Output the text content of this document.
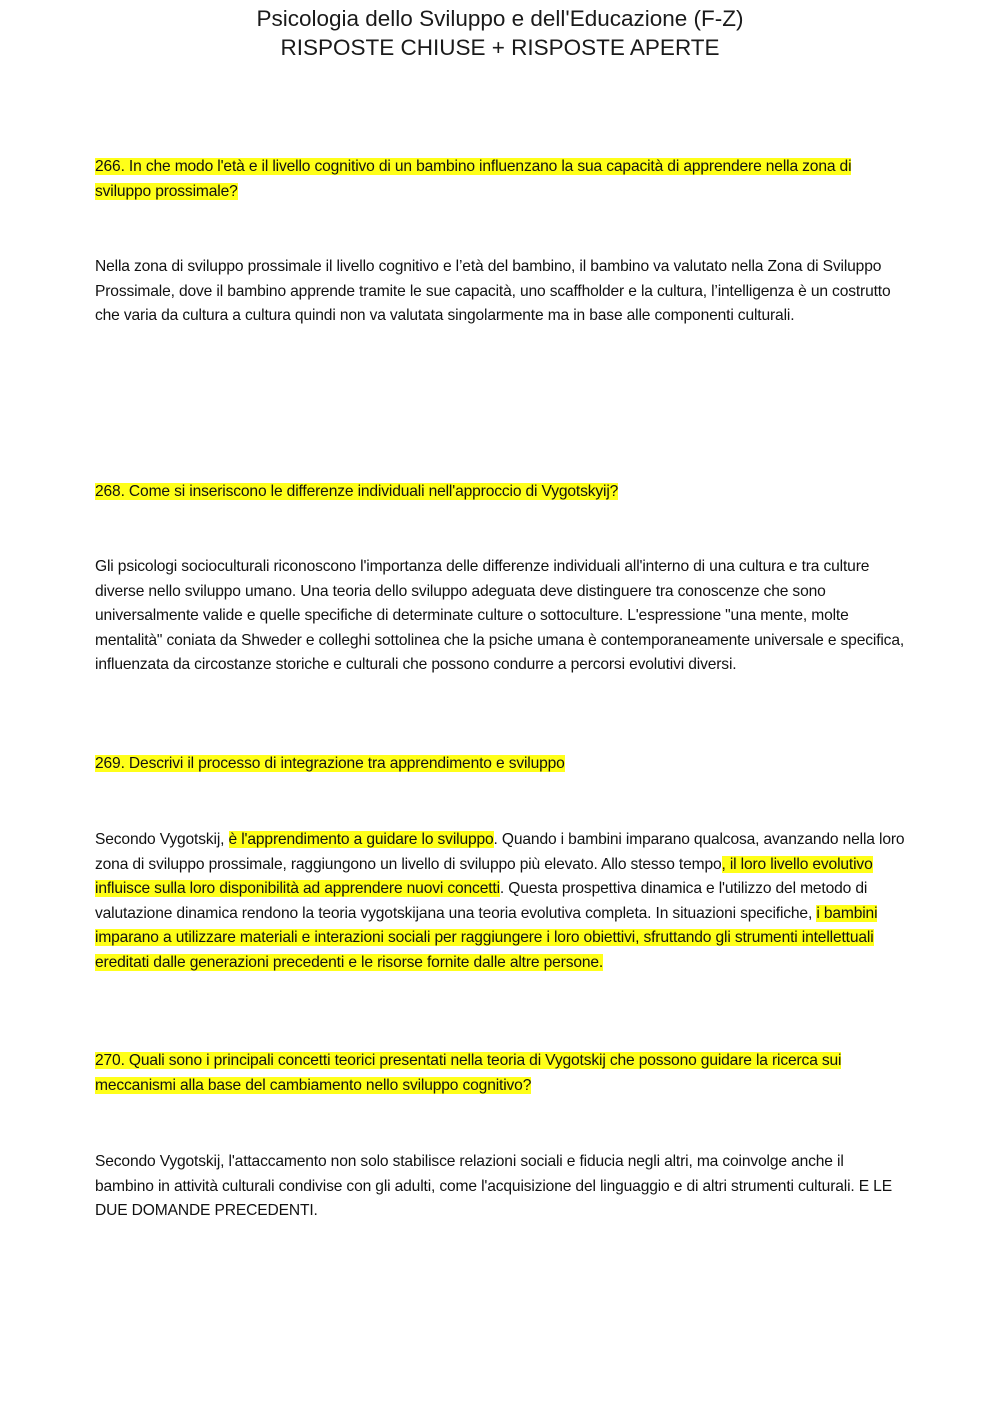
Psicologia dello Sviluppo e dell'Educazione (F-Z)
RISPOSTE CHIUSE + RISPOSTE APERTE
266. In che modo l'età e il livello cognitivo di un bambino influenzano la sua capacità di apprendere nella zona di sviluppo prossimale?
Nella zona di sviluppo prossimale il livello cognitivo e l’età del bambino, il bambino va valutato nella Zona di Sviluppo Prossimale, dove il bambino apprende tramite le sue capacità, uno scaffholder e la cultura, l’intelligenza è un costrutto che varia da cultura a cultura quindi non va valutata singolarmente ma in base alle componenti culturali.
268. Come si inseriscono le differenze individuali nell'approccio di Vygotskyij?
Gli psicologi socioculturali riconoscono l'importanza delle differenze individuali all'interno di una cultura e tra culture diverse nello sviluppo umano. Una teoria dello sviluppo adeguata deve distinguere tra conoscenze che sono universalmente valide e quelle specifiche di determinate culture o sottoculture. L'espressione "una mente, molte mentalità" coniata da Shweder e colleghi sottolinea che la psiche umana è contemporaneamente universale e specifica, influenzata da circostanze storiche e culturali che possono condurre a percorsi evolutivi diversi.
269. Descrivi il processo di integrazione tra apprendimento e sviluppo
Secondo Vygotskij, è l'apprendimento a guidare lo sviluppo. Quando i bambini imparano qualcosa, avanzando nella loro zona di sviluppo prossimale, raggiungono un livello di sviluppo più elevato. Allo stesso tempo, il loro livello evolutivo influisce sulla loro disponibilità ad apprendere nuovi concetti. Questa prospettiva dinamica e l'utilizzo del metodo di valutazione dinamica rendono la teoria vygotskijana una teoria evolutiva completa. In situazioni specifiche, i bambini imparano a utilizzare materiali e interazioni sociali per raggiungere i loro obiettivi, sfruttando gli strumenti intellettuali ereditati dalle generazioni precedenti e le risorse fornite dalle altre persone.
270. Quali sono i principali concetti teorici presentati nella teoria di Vygotskij che possono guidare la ricerca sui meccanismi alla base del cambiamento nello sviluppo cognitivo?
Secondo Vygotskij, l'attaccamento non solo stabilisce relazioni sociali e fiducia negli altri, ma coinvolge anche il bambino in attività culturali condivise con gli adulti, come l'acquisizione del linguaggio e di altri strumenti culturali. E LE DUE DOMANDE PRECEDENTI.
